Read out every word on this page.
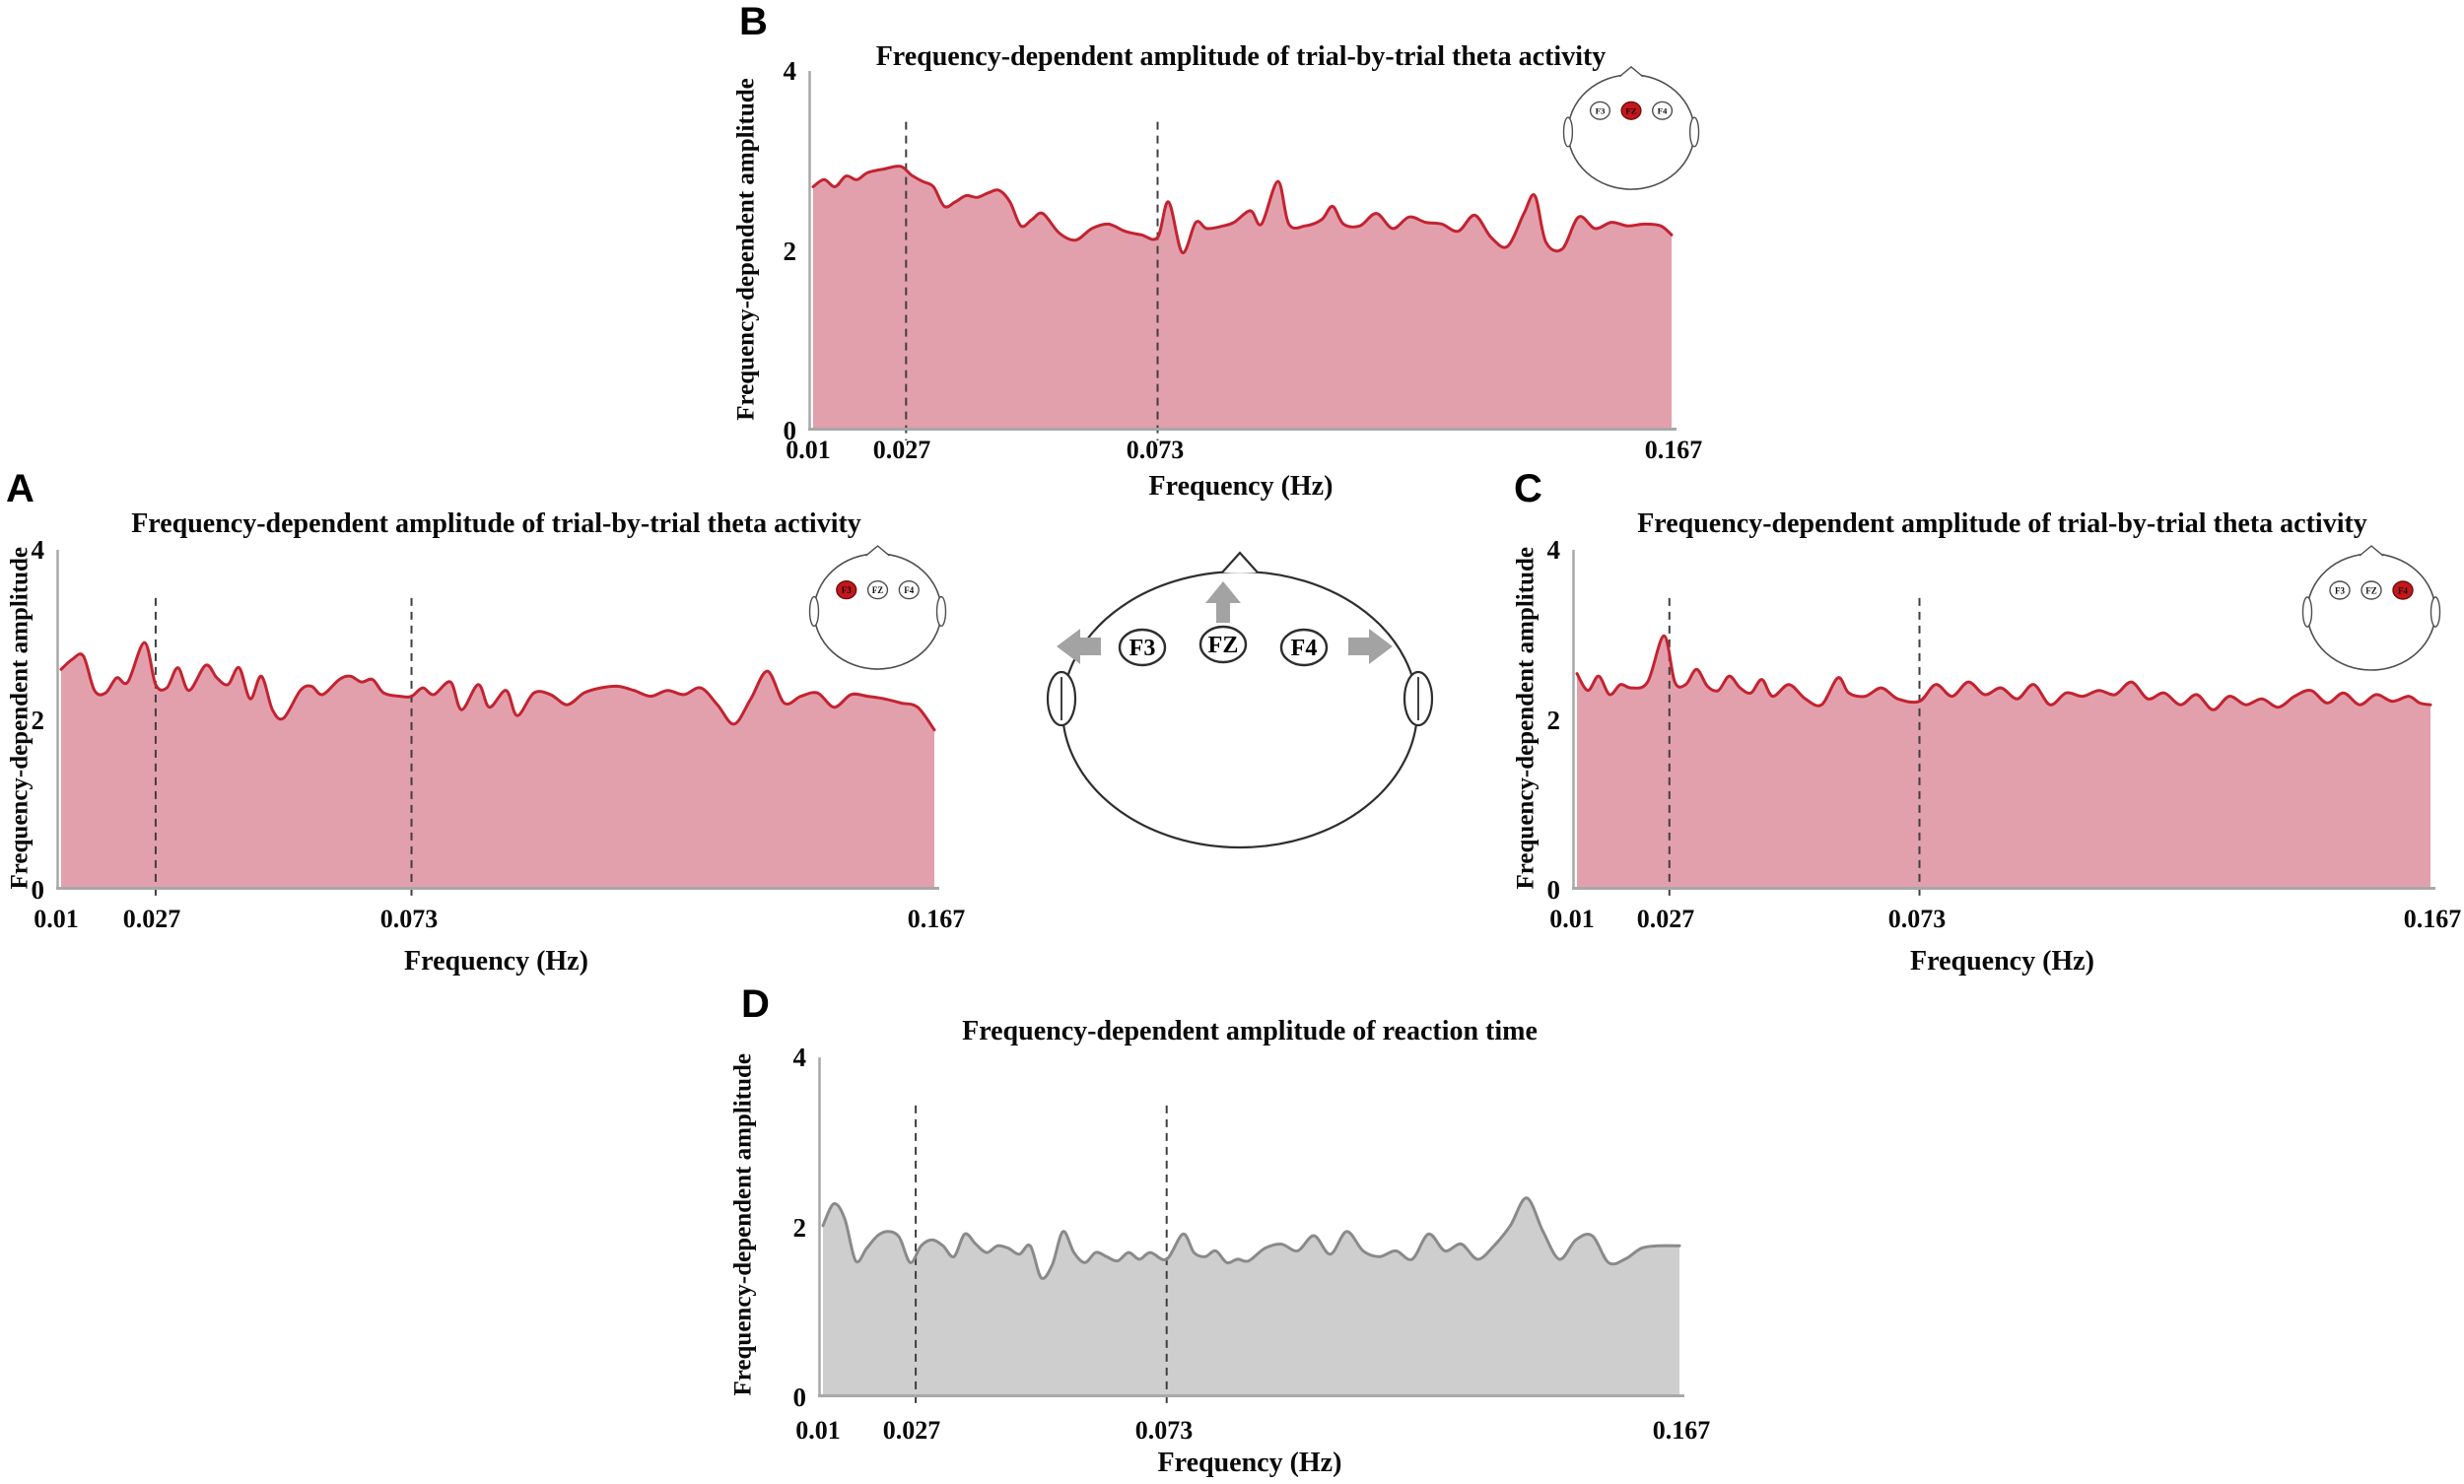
A
Frequency-dependent amplitude of trial-by-trial theta activity
Frequency-dependent amplitude
4
2
0
0.01	0.027	0.073	0.167
Frequency (Hz)
F3 FZ F4
B
Frequency-dependent amplitude of trial-by-trial theta activity
Frequency-dependent amplitude
4
2
0
0.01	0.027	0.073	0.167
Frequency (Hz)
F3 FZ F4
C
Frequency-dependent amplitude of trial-by-trial theta activity
Frequency-dependent amplitude 4
2
0
0.01	0.027	0.073	0.167
Frequency (Hz)
F3 FZ F4
D
Frequency-dependent amplitude of reaction time
Frequency-dependent amplitude	4
2
0
0.01	0.027	0.073	0.167
Frequency (Hz)
F3 FZ F4
